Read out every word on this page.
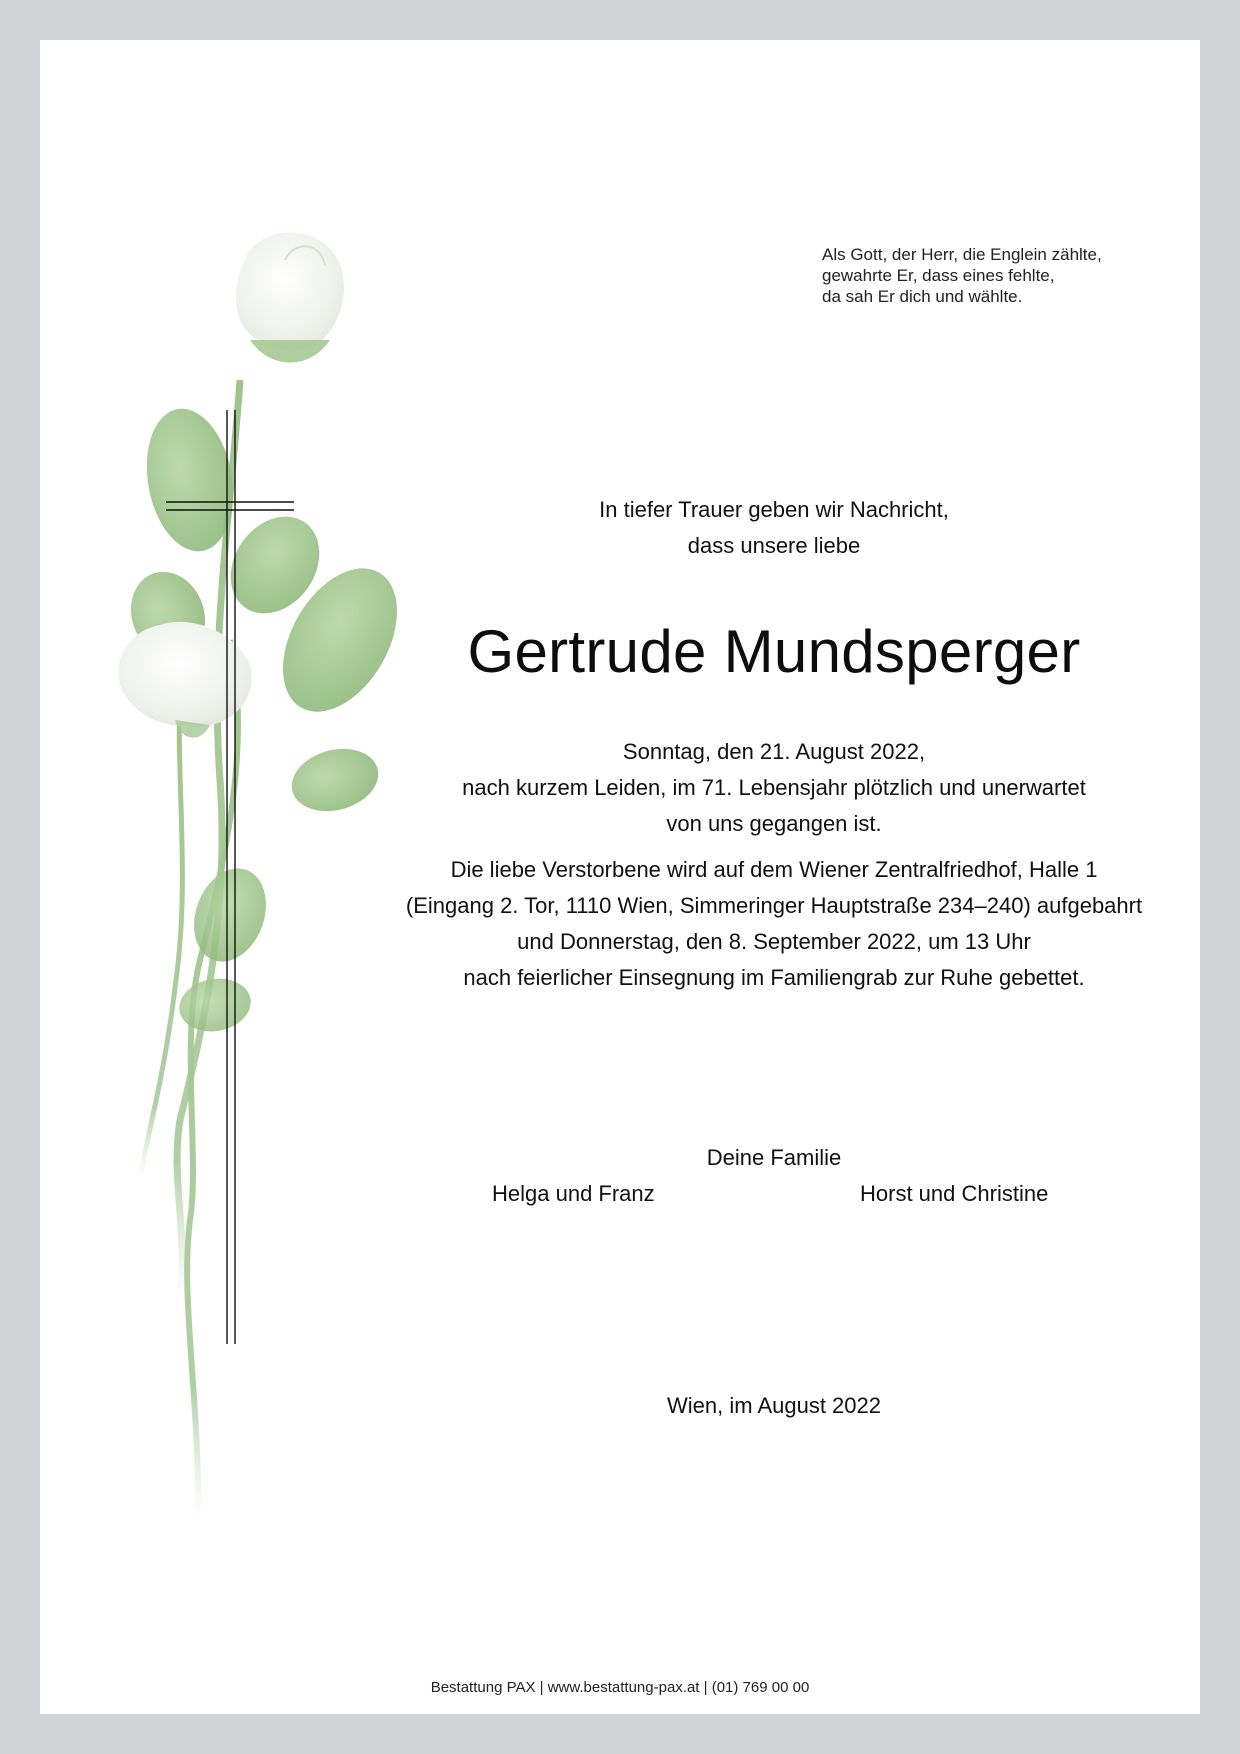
Als Gott, der Herr, die Englein zählte,
gewahrte Er, dass eines fehlte,
da sah Er dich und wählte.
In tiefer Trauer geben wir Nachricht,
dass unsere liebe
Gertrude Mundsperger
Sonntag, den 21. August 2022,
nach kurzem Leiden, im 71. Lebensjahr plötzlich und unerwartet
von uns gegangen ist.
Die liebe Verstorbene wird auf dem Wiener Zentralfriedhof, Halle 1
(Eingang 2. Tor, 1110 Wien, Simmeringer Hauptstraße 234–240) aufgebahrt
und Donnerstag, den 8. September 2022, um 13 Uhr
nach feierlicher Einsegnung im Familiengrab zur Ruhe gebettet.
Deine Familie
Helga und Franz	Horst und Christine
Wien, im August 2022
Bestattung PAX | www.bestattung-pax.at | (01) 769 00 00
